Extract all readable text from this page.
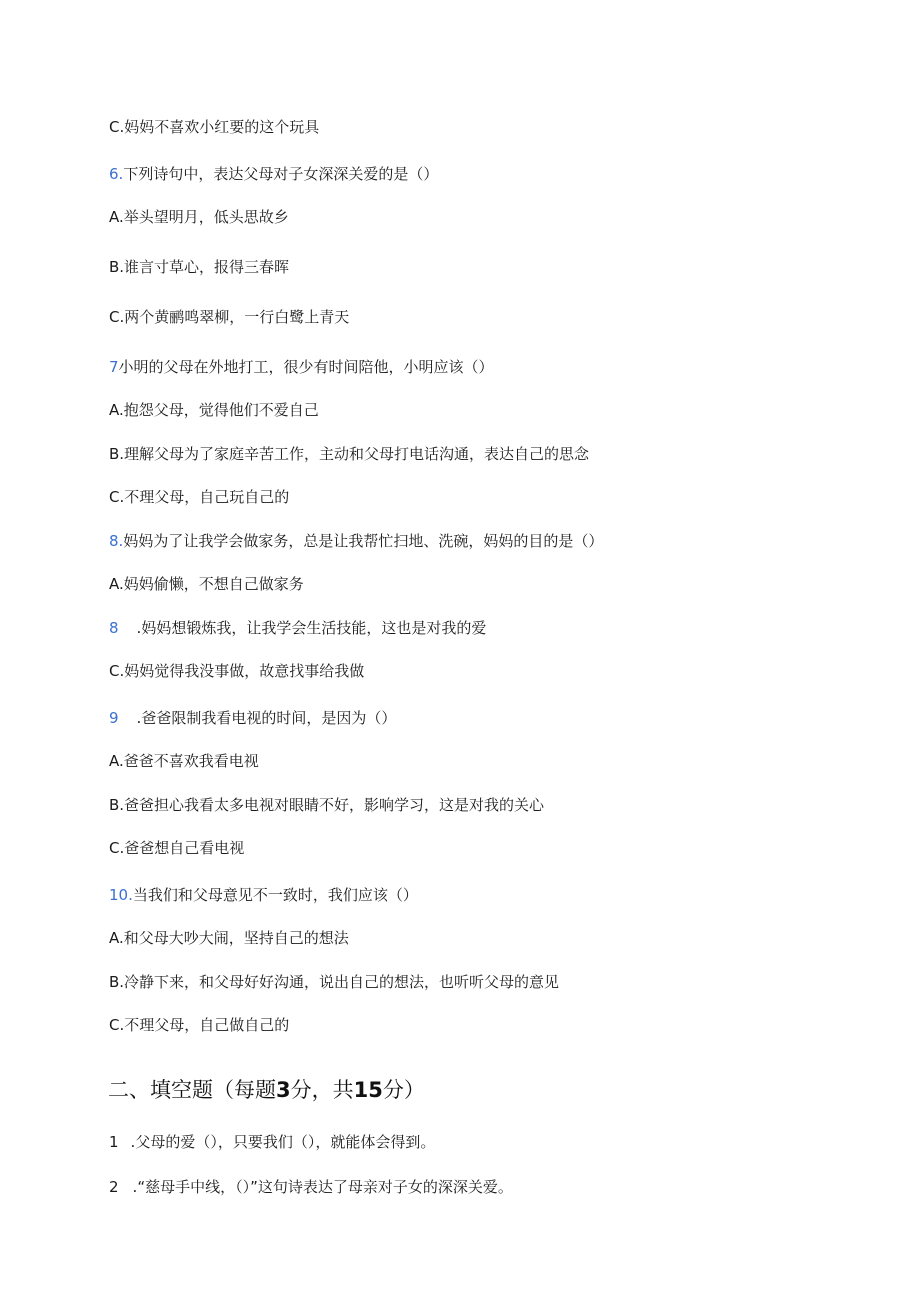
C.妈妈不喜欢小红要的这个玩具
6.下列诗句中，表达父母对子女深深关爱的是（）
A.举头望明月，低头思故乡
B.谁言寸草心，报得三春晖
C.两个黄鹂鸣翠柳，一行白鹭上青天
7小明的父母在外地打工，很少有时间陪他，小明应该（）
A.抱怨父母，觉得他们不爱自己
B.理解父母为了家庭辛苦工作，主动和父母打电话沟通，表达自己的思念
C.不理父母，自己玩自己的
8.妈妈为了让我学会做家务，总是让我帮忙扫地、洗碗，妈妈的目的是（）
A.妈妈偷懒，不想自己做家务
8 .妈妈想锻炼我，让我学会生活技能，这也是对我的爱
C.妈妈觉得我没事做，故意找事给我做
9 .爸爸限制我看电视的时间，是因为（）
A.爸爸不喜欢我看电视
B.爸爸担心我看太多电视对眼睛不好，影响学习，这是对我的关心
C.爸爸想自己看电视
10.当我们和父母意见不一致时，我们应该（）
A.和父母大吵大闹，坚持自己的想法
B.冷静下来，和父母好好沟通，说出自己的想法，也听听父母的意见
C.不理父母，自己做自己的
二、填空题（每题3分，共15分）
1 .父母的爱（），只要我们（），就能体会得到。
2 .“慈母手中线，（）”这句诗表达了母亲对子女的深深关爱。
